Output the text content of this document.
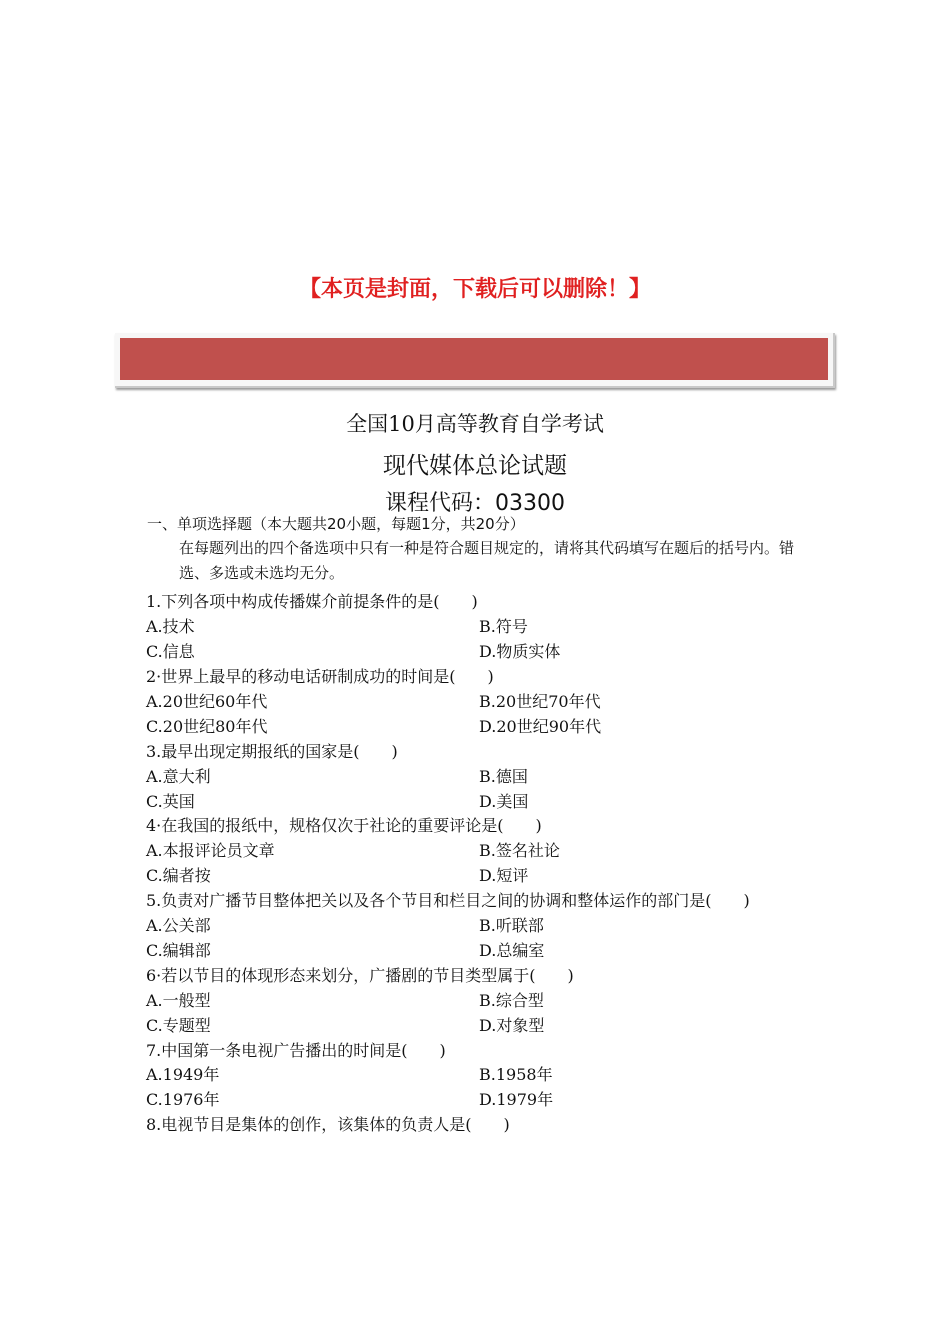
【本页是封面，下载后可以删除！】
全国10月高等教育自学考试
现代媒体总论试题
课程代码：03300
一、单项选择题（本大题共20小题，每题1分，共20分）
在每题列出的四个备选项中只有一种是符合题目规定的，请将其代码填写在题后的括号内。错选、多选或未选均无分。
1.下列各项中构成传播媒介前提条件的是(　　)
A.技术	B.符号
C.信息	D.物质实体
2·世界上最早的移动电话研制成功的时间是(　　)
A.20世纪60年代	B.20世纪70年代
C.20世纪80年代	D.20世纪90年代
3.最早出现定期报纸的国家是(　　)
A.意大利	B.德国
C.英国	D.美国
4·在我国的报纸中，规格仅次于社论的重要评论是(　　)
A.本报评论员文章	B.签名社论
C.编者按	D.短评
5.负责对广播节目整体把关以及各个节目和栏目之间的协调和整体运作的部门是(　　)
A.公关部	B.听联部
C.编辑部	D.总编室
6·若以节目的体现形态来划分，广播剧的节目类型属于(　　)
A.一般型	B.综合型
C.专题型	D.对象型
7.中国第一条电视广告播出的时间是(　　)
A.1949年	B.1958年
C.1976年	D.1979年
8.电视节目是集体的创作，该集体的负责人是(　　)
